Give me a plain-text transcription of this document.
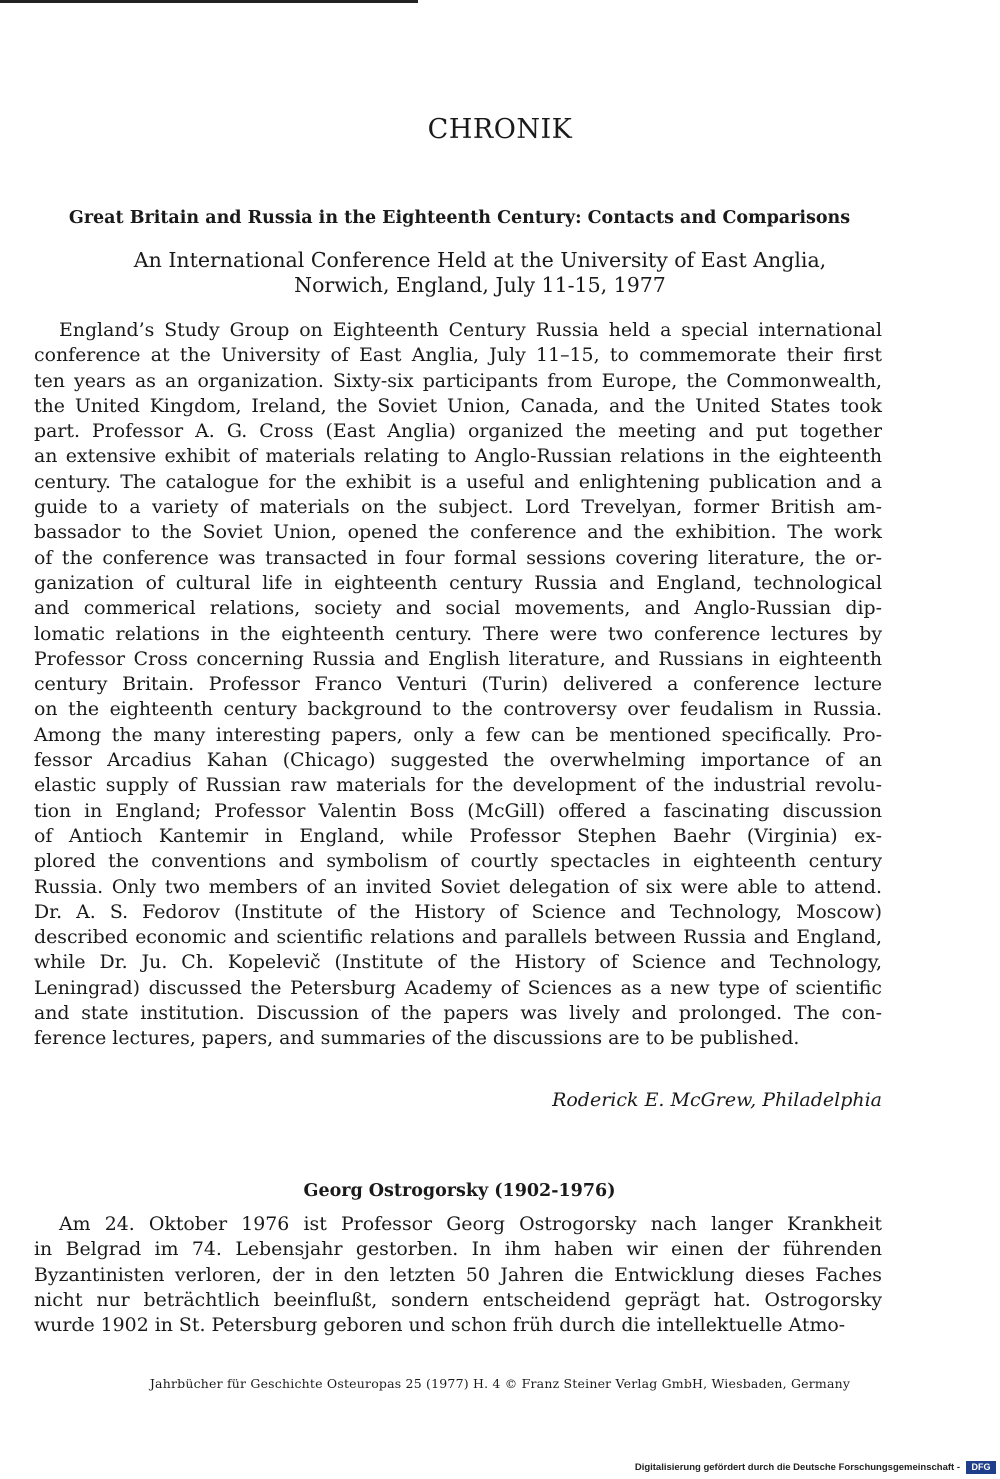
CHRONIK
Great Britain and Russia in the Eighteenth Century: Contacts and Comparisons
An International Conference Held at the University of East Anglia,
Norwich, England, July 11-15, 1977
England’s Study Group on Eighteenth Century Russia held a special international
conference at the University of East Anglia, July 11–15, to commemorate their first
ten years as an organization. Sixty-six participants from Europe, the Commonwealth,
the United Kingdom, Ireland, the Soviet Union, Canada, and the United States took
part. Professor A. G. Cross (East Anglia) organized the meeting and put together
an extensive exhibit of materials relating to Anglo-Russian relations in the eighteenth
century. The catalogue for the exhibit is a useful and enlightening publication and a
guide to a variety of materials on the subject. Lord Trevelyan, former British am-
bassador to the Soviet Union, opened the conference and the exhibition. The work
of the conference was transacted in four formal sessions covering literature, the or-
ganization of cultural life in eighteenth century Russia and England, technological
and commerical relations, society and social movements, and Anglo-Russian dip-
lomatic relations in the eighteenth century. There were two conference lectures by
Professor Cross concerning Russia and English literature, and Russians in eighteenth
century Britain. Professor Franco Venturi (Turin) delivered a conference lecture
on the eighteenth century background to the controversy over feudalism in Russia.
Among the many interesting papers, only a few can be mentioned specifically. Pro-
fessor Arcadius Kahan (Chicago) suggested the overwhelming importance of an
elastic supply of Russian raw materials for the development of the industrial revolu-
tion in England; Professor Valentin Boss (McGill) offered a fascinating discussion
of Antioch Kantemir in England, while Professor Stephen Baehr (Virginia) ex-
plored the conventions and symbolism of courtly spectacles in eighteenth century
Russia. Only two members of an invited Soviet delegation of six were able to attend.
Dr. A. S. Fedorov (Institute of the History of Science and Technology, Moscow)
described economic and scientific relations and parallels between Russia and England,
while Dr. Ju. Ch. Kopelevič (Institute of the History of Science and Technology,
Leningrad) discussed the Petersburg Academy of Sciences as a new type of scientific
and state institution. Discussion of the papers was lively and prolonged. The con-
ference lectures, papers, and summaries of the discussions are to be published.
Roderick E. McGrew, Philadelphia
Georg Ostrogorsky (1902-1976)
Am 24. Oktober 1976 ist Professor Georg Ostrogorsky nach langer Krankheit
in Belgrad im 74. Lebensjahr gestorben. In ihm haben wir einen der führenden
Byzantinisten verloren, der in den letzten 50 Jahren die Entwicklung dieses Faches
nicht nur beträchtlich beeinflußt, sondern entscheidend geprägt hat. Ostrogorsky
wurde 1902 in St. Petersburg geboren und schon früh durch die intellektuelle Atmo-
Jahrbücher für Geschichte Osteuropas 25 (1977) H. 4 © Franz Steiner Verlag GmbH, Wiesbaden, Germany
Digitalisierung gefördert durch die Deutsche Forschungsgemeinschaft -	DFG
